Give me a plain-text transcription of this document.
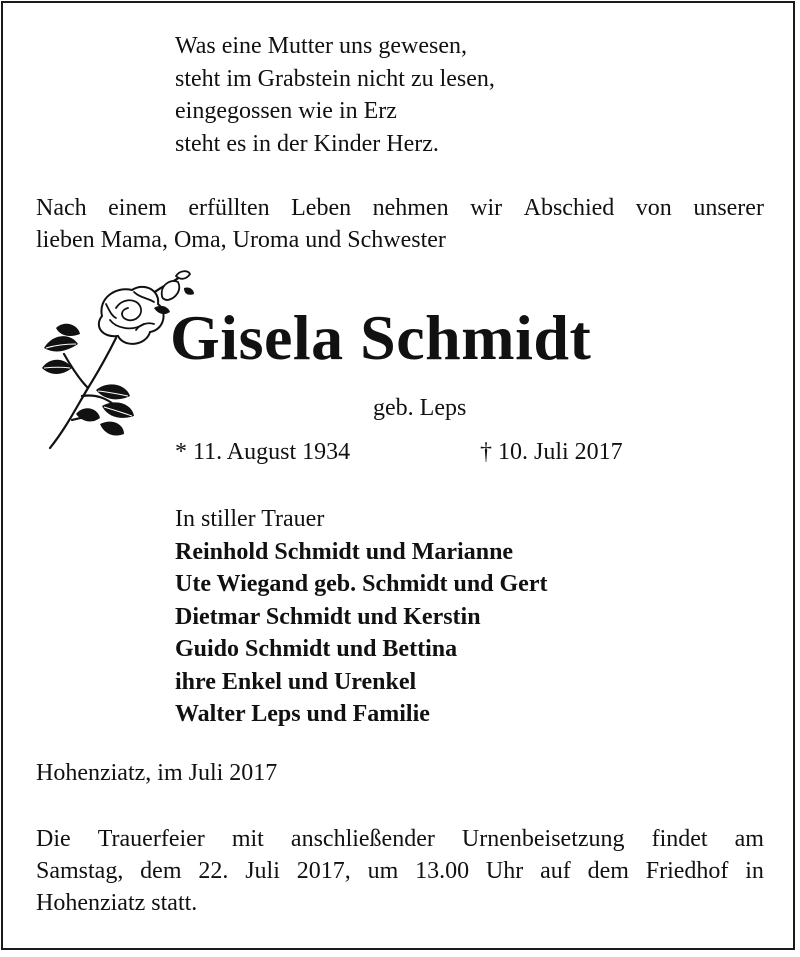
Was eine Mutter uns gewesen,
steht im Grabstein nicht zu lesen,
eingegossen wie in Erz
steht es in der Kinder Herz.
Nach einem erfüllten Leben nehmen wir Abschied von unserer
lieben Mama, Oma, Uroma und Schwester
Gisela Schmidt
geb. Leps
* 11. August 1934	† 10. Juli 2017
In stiller Trauer
Reinhold Schmidt und Marianne
Ute Wiegand geb. Schmidt und Gert
Dietmar Schmidt und Kerstin
Guido Schmidt und Bettina
ihre Enkel und Urenkel
Walter Leps und Familie
Hohenziatz, im Juli 2017
Die Trauerfeier mit anschließender Urnenbeisetzung findet am
Samstag, dem 22. Juli 2017, um 13.00 Uhr auf dem Friedhof in
Hohenziatz statt.
